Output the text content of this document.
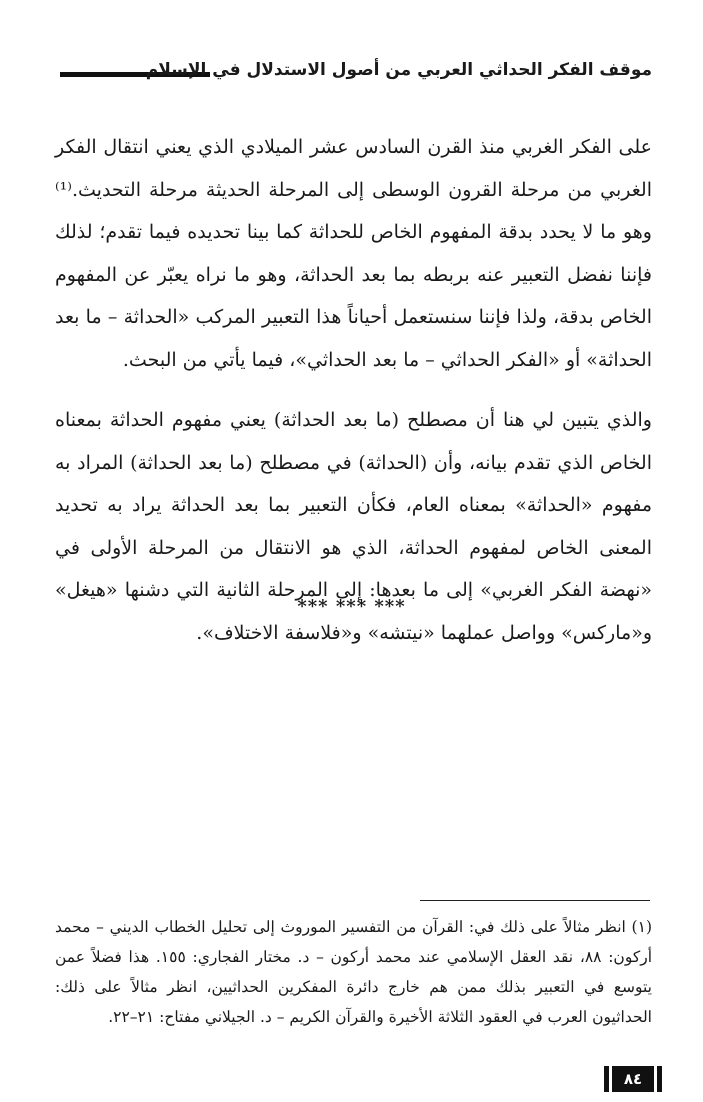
موقف الفكر الحداثي العربي من أصول الاستدلال في الإسلام

على الفكر الغربي منذ القرن السادس عشر الميلادي الذي يعني انتقال الفكر الغربي من مرحلة القرون الوسطى إلى المرحلة الحديثة مرحلة التحديث.⁽¹⁾ وهو ما لا يحدد بدقة المفهوم الخاص للحداثة كما بينا تحديده فيما تقدم؛ لذلك فإننا نفضل التعبير عنه بربطه بما بعد الحداثة، وهو ما نراه يعبّر عن المفهوم الخاص بدقة، ولذا فإننا سنستعمل أحياناً هذا التعبير المركب «الحداثة – ما بعد الحداثة» أو «الفكر الحداثي – ما بعد الحداثي»، فيما يأتي من البحث.

والذي يتبين لي هنا أن مصطلح (ما بعد الحداثة) يعني مفهوم الحداثة بمعناه الخاص الذي تقدم بيانه، وأن (الحداثة) في مصطلح (ما بعد الحداثة) المراد به مفهوم «الحداثة» بمعناه العام، فكأن التعبير بما بعد الحداثة يراد به تحديد المعنى الخاص لمفهوم الحداثة، الذي هو الانتقال من المرحلة الأولى في «نهضة الفكر الغربي» إلى ما بعدها: إلى المرحلة الثانية التي دشنها «هيغل» و«ماركس» وواصل عملهما «نيتشه» و«فلاسفة الاختلاف».

*** *** ***

(١) انظر مثالاً على ذلك في: القرآن من التفسير الموروث إلى تحليل الخطاب الديني – محمد أركون: ٨٨، نقد العقل الإسلامي عند محمد أركون – د. مختار الفجاري: ١٥٥. هذا فضلاً عمن يتوسع في التعبير بذلك ممن هم خارج دائرة المفكرين الحداثيين، انظر مثالاً على ذلك: الحداثيون العرب في العقود الثلاثة الأخيرة والقرآن الكريم – د. الجيلاني مفتاح: ٢١–٢٢.

٨٤
